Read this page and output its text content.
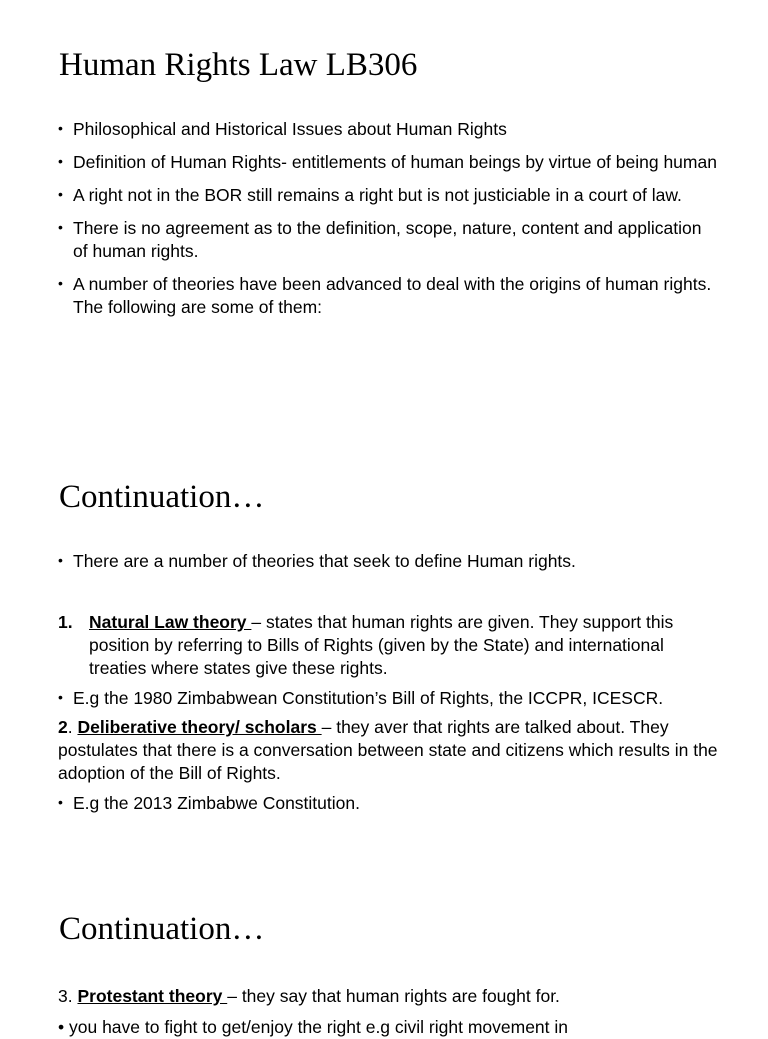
Human Rights Law LB306
• Philosophical and Historical Issues about Human Rights
• Definition of Human Rights- entitlements of human beings by virtue of being human
• A right not in the BOR still remains a right but is not justiciable in a court of law.
• There is no agreement as to the definition, scope, nature, content and application of human rights.
• A number of theories have been advanced to deal with the origins of human rights. The following are some of them:
Continuation…

• There are a number of theories that seek to define Human rights.

1. Natural Law theory – states that human rights are given. They support this position by referring to Bills of Rights (given by the State) and international treaties where states give these rights.

• E.g the 1980 Zimbabwean Constitution’s Bill of Rights, the ICCPR, ICESCR.

2. Deliberative theory/ scholars – they aver that rights are talked about. They postulates that there is a conversation between state and citizens which results in the adoption of the Bill of Rights.

• E.g the 2013 Zimbabwe Constitution.

Continuation…

3. Protestant theory – they say that human rights are fought for.

• you have to fight to get/enjoy the right e.g civil right movement in
